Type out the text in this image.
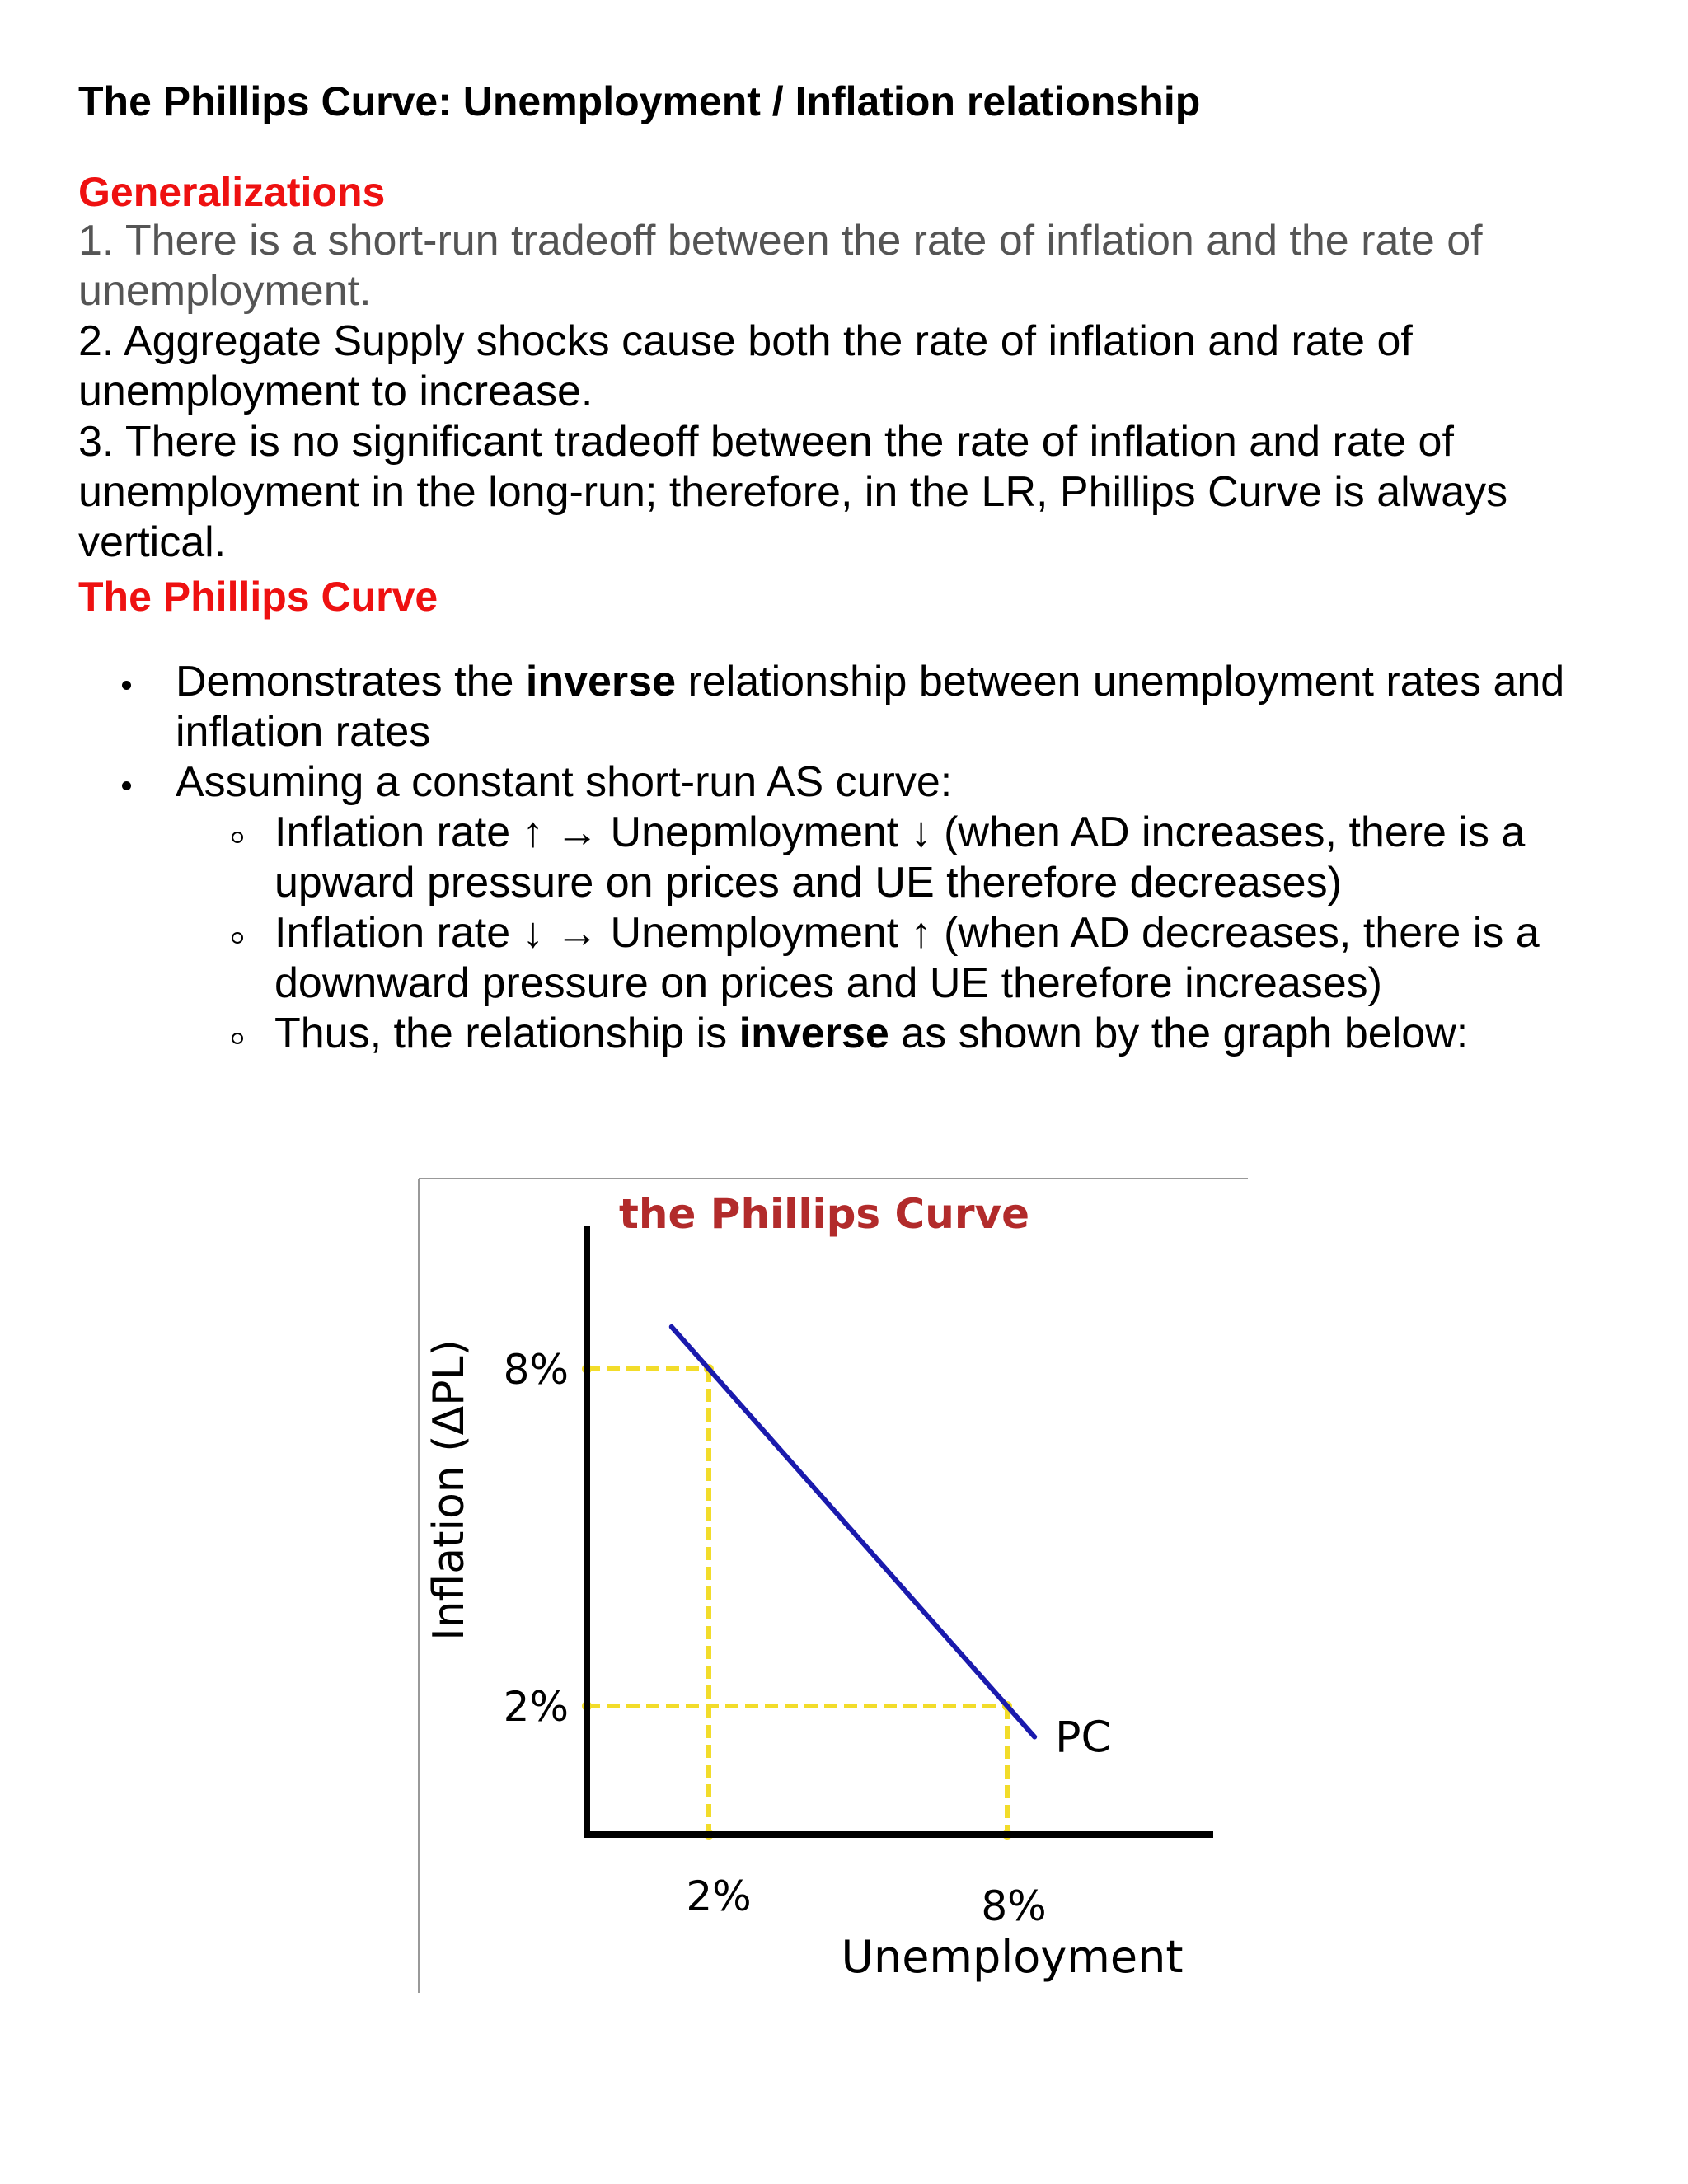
The Phillips Curve: Unemployment / Inflation relationship
Generalizations
1. There is a short-run tradeoff between the rate of inflation and the rate of unemployment.
2. Aggregate Supply shocks cause both the rate of inflation and rate of unemployment to increase.
3. There is no significant tradeoff between the rate of inflation and rate of unemployment in the long-run; therefore, in the LR, Phillips Curve is always vertical.
The Phillips Curve
Demonstrates the inverse relationship between unemployment rates and
inflation rates
Assuming a constant short-run AS curve:
Inflation rate ↑ → Unepmloyment ↓ (when AD increases, there is a
upward pressure on prices and UE therefore decreases)
Inflation rate ↓ → Unemployment ↑ (when AD decreases, there is a
downward pressure on prices and UE therefore increases)
Thus, the relationship is inverse as shown by the graph below:
the Phillips Curve
Inflation (ΔPL)
Unemployment
PC
2%	8%
8%
2%
